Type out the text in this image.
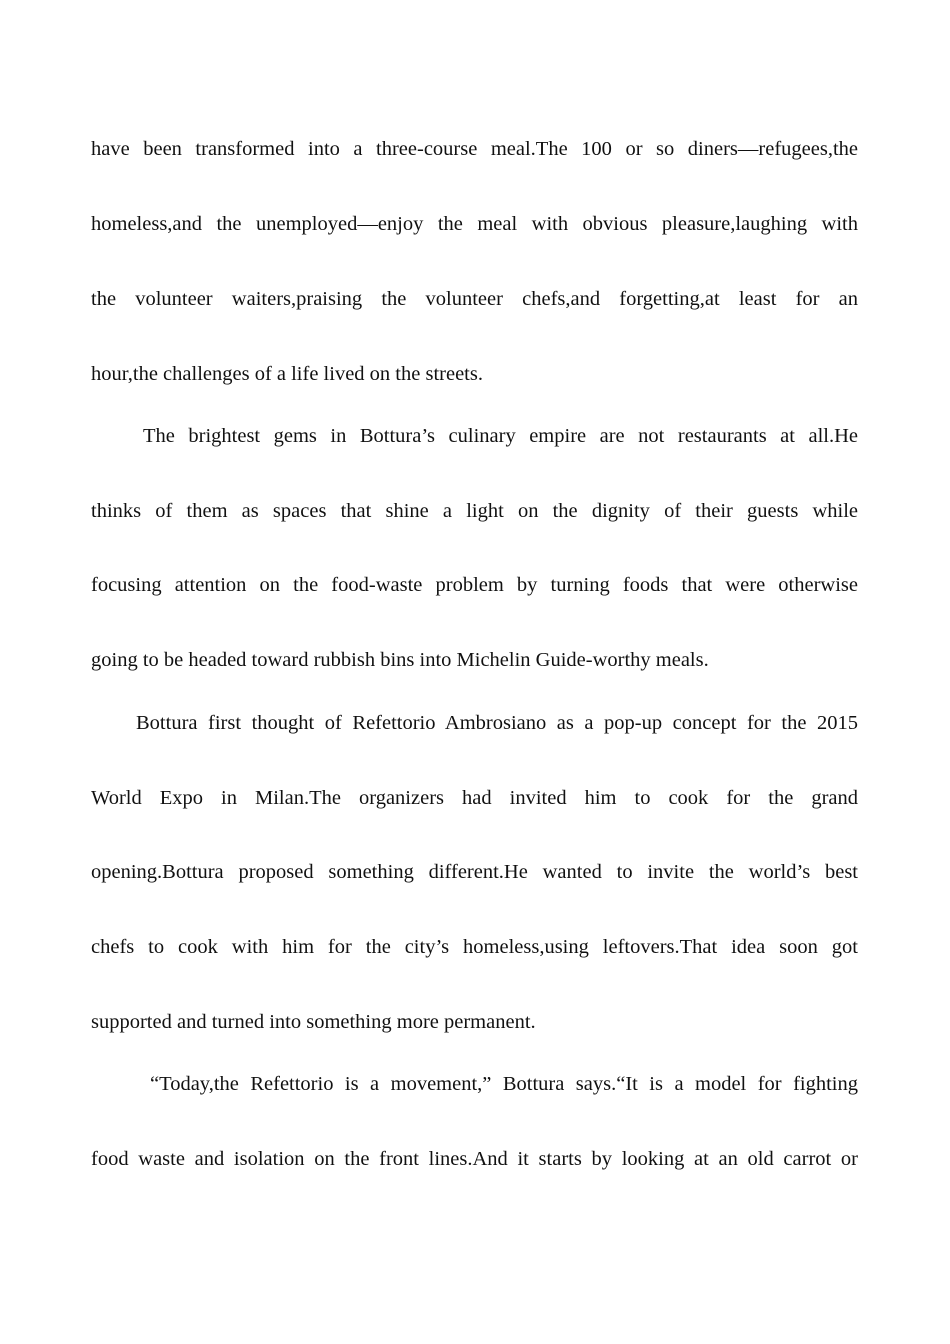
have been transformed into a three-course meal.The 100 or so diners—refugees,the
homeless,and the unemployed—enjoy the meal with obvious pleasure,laughing with
the volunteer waiters,praising the volunteer chefs,and forgetting,at least for an
hour,the challenges of a life lived on the streets.
The brightest gems in Bottura’s culinary empire are not restaurants at all.He
thinks of them as spaces that shine a light on the dignity of their guests while
focusing attention on the food-waste problem by turning foods that were otherwise
going to be headed toward rubbish bins into Michelin Guide-worthy meals.
Bottura first thought of Refettorio Ambrosiano as a pop-up concept for the 2015
World Expo in Milan.The organizers had invited him to cook for the grand
opening.Bottura proposed something different.He wanted to invite the world’s best
chefs to cook with him for the city’s homeless,using leftovers.That idea soon got
supported and turned into something more permanent.
“Today,the Refettorio is a movement,” Bottura says.“It is a model for fighting
food waste and isolation on the front lines.And it starts by looking at an old carrot or
